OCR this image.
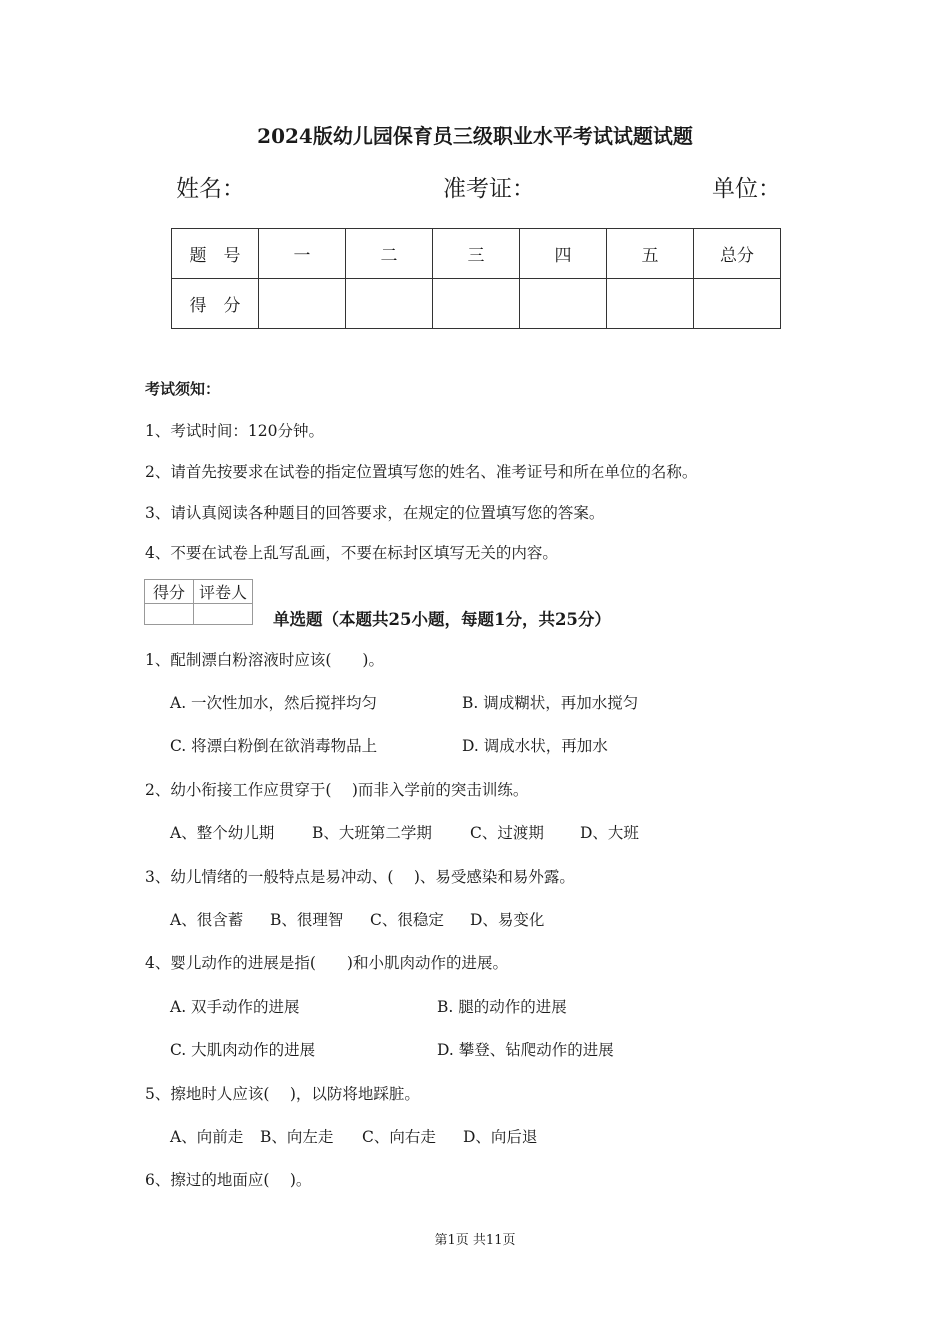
2024版幼儿园保育员三级职业水平考试试题试题
姓名：	准考证：	单位：
题　号	一	二	三	四	五	总分
得　分						
考试须知：
1、考试时间：120分钟。
2、请首先按要求在试卷的指定位置填写您的姓名、准考证号和所在单位的名称。
3、请认真阅读各种题目的回答要求，在规定的位置填写您的答案。
4、不要在试卷上乱写乱画，不要在标封区填写无关的内容。
得分	评卷人

单选题（本题共25小题，每题1分，共25分）
1、配制漂白粉溶液时应该(　　)。
A. 一次性加水，然后搅拌均匀	B. 调成糊状，再加水搅匀
C. 将漂白粉倒在欲消毒物品上	D. 调成水状，再加水
2、幼小衔接工作应贯穿于(　 )而非入学前的突击训练。
A、整个幼儿期 B、大班第二学期 C、过渡期 D、大班
3、幼儿情绪的一般特点是易冲动、(　 )、易受感染和易外露。
A、很含蓄 B、很理智 C、很稳定 D、易变化
4、婴儿动作的进展是指(　　)和小肌肉动作的进展。
A. 双手动作的进展	B. 腿的动作的进展
C. 大肌肉动作的进展	D. 攀登、钻爬动作的进展
5、擦地时人应该(　 )，以防将地踩脏。
A、向前走 B、向左走 C、向右走 D、向后退
6、擦过的地面应(　 )。
第1页 共11页
